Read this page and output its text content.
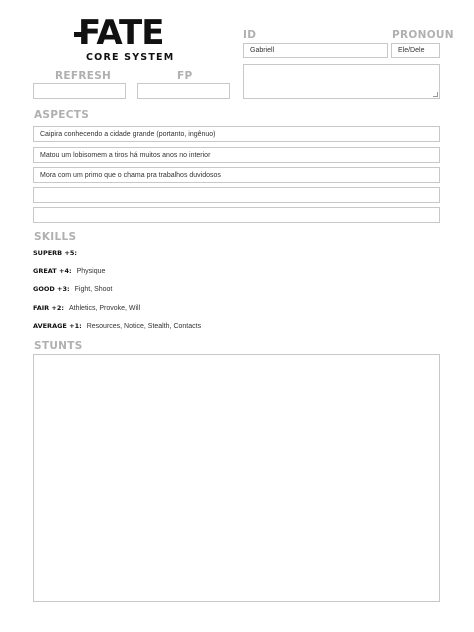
FATE
CORE SYSTEM
ID	PRONOUN
Gabriell	Ele/Dele
REFRESH	FP
ASPECTS
Caipira conhecendo a cidade grande (portanto, ingênuo)
Matou um lobisomem a tiros há muitos anos no interior
Mora com um primo que o chama pra trabalhos duvidosos
SKILLS
SUPERB +5:
GREAT +4: Physique
GOOD +3: Fight, Shoot
FAIR +2: Athletics, Provoke, Will
AVERAGE +1: Resources, Notice, Stealth, Contacts
STUNTS
